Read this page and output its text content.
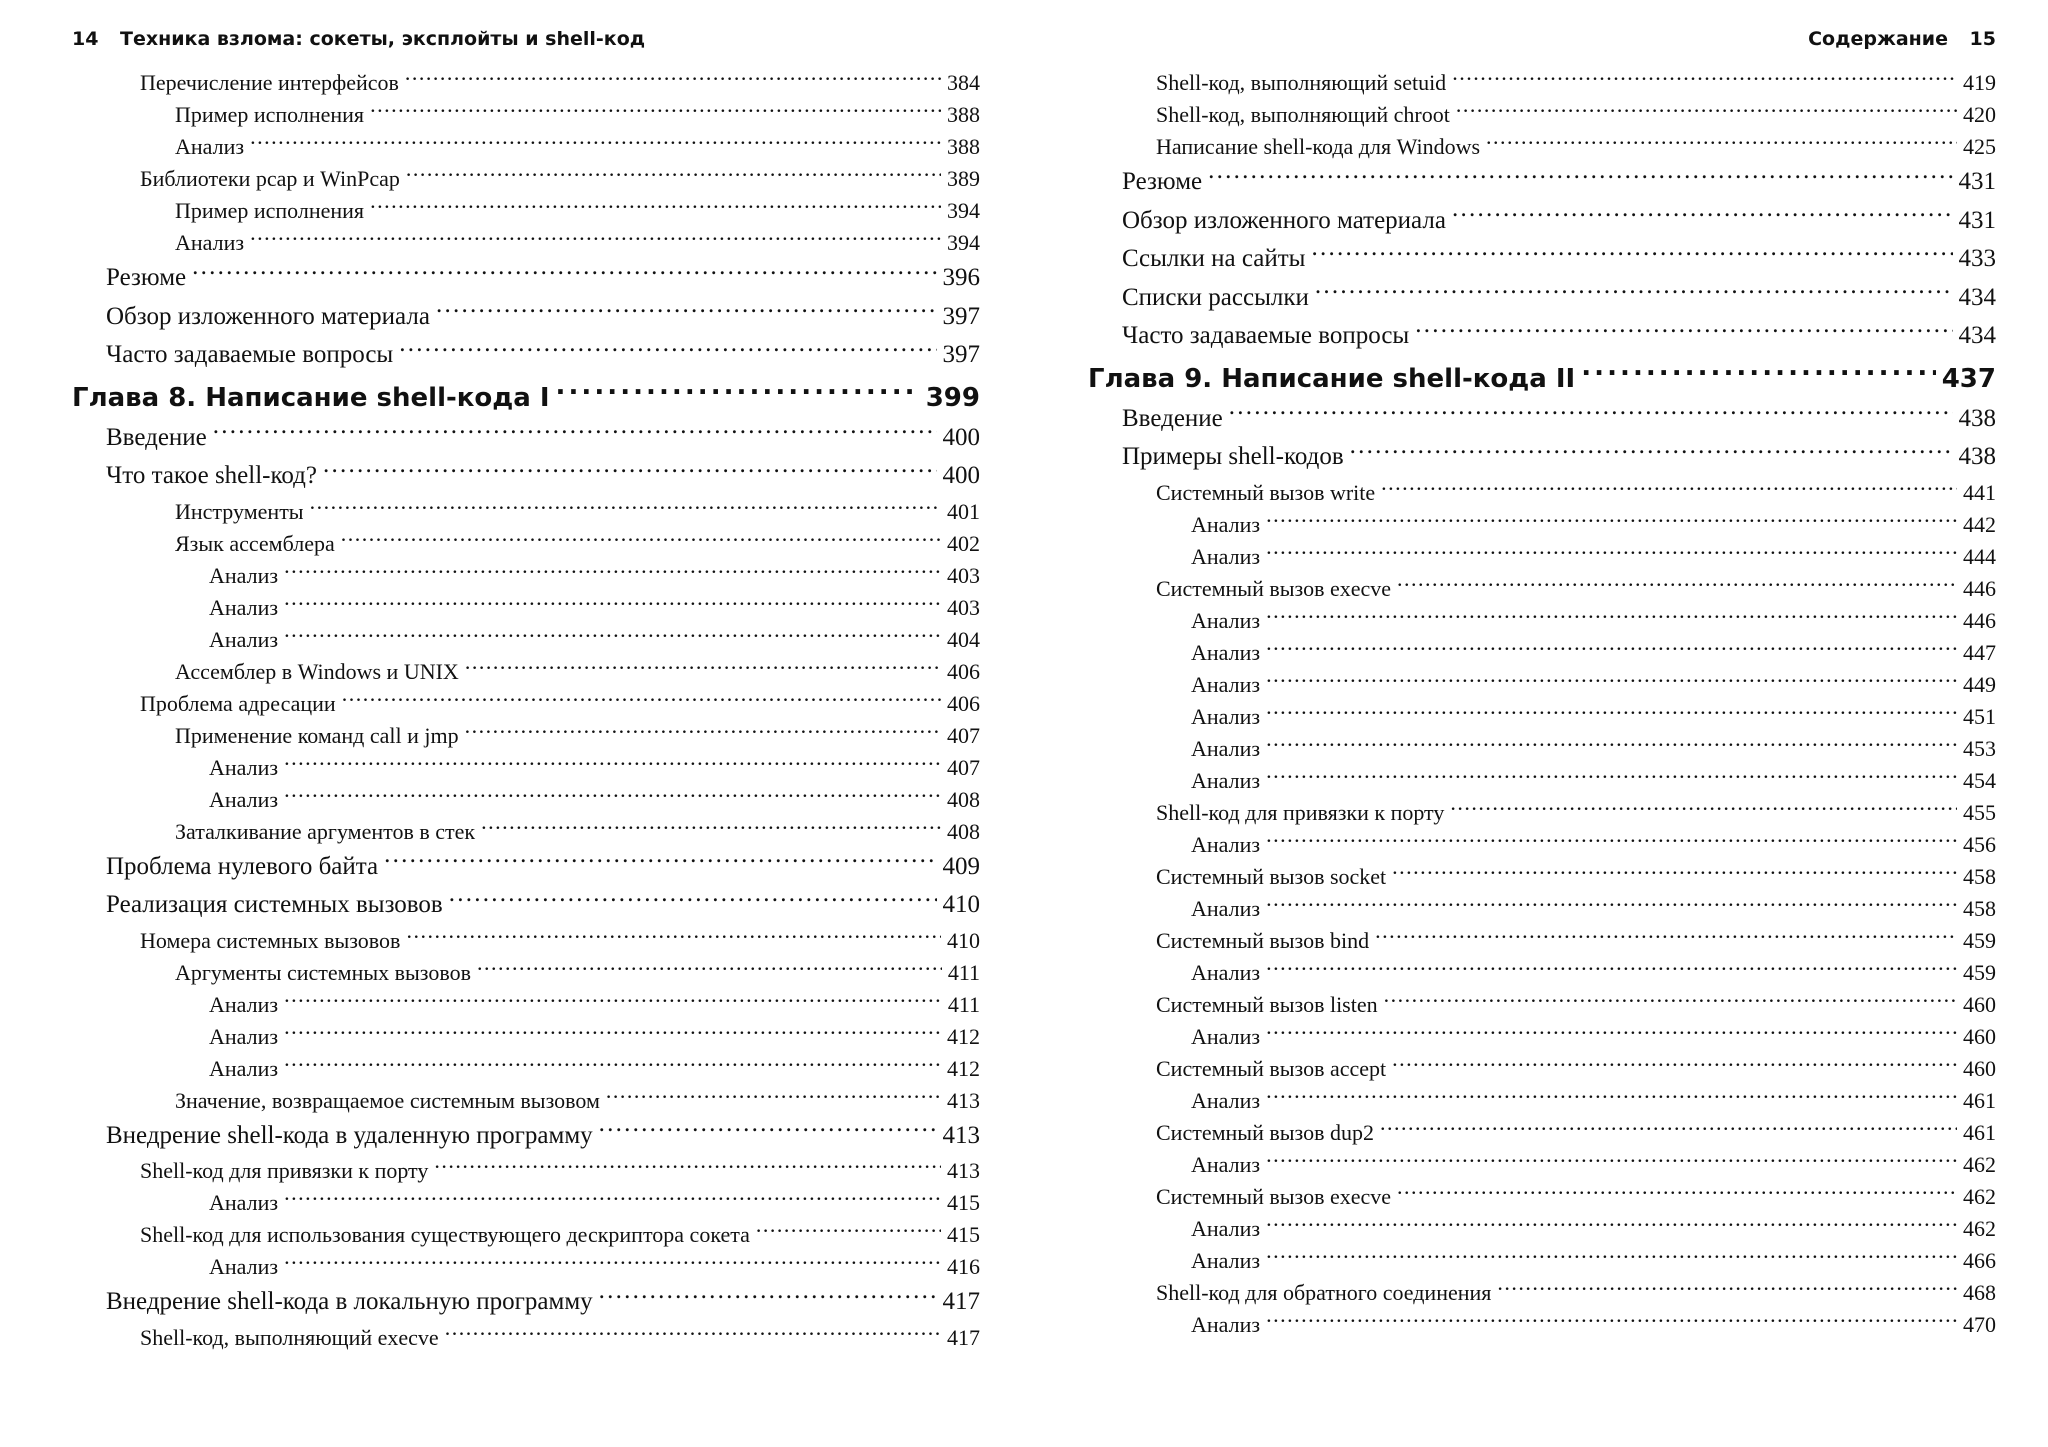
14 Техника взлома: сокеты, эксплойты и shell-код
Перечисление интерфейсов . . .	384
Пример исполнения . . .	388
Анализ . . .	388
Библиотеки pcap и WinPcap . . .	389
Пример исполнения . . .	394
Анализ . . .	394
Резюме . . .	396
Обзор изложенного материала . . .	397
Часто задаваемые вопросы . . .	397
Глава 8. Написание shell-кода I . . .	399
Введение . . .	400
Что такое shell-код? . . .	400
Инструменты . . .	401
Язык ассемблера . . .	402
Анализ . . .	403
Анализ . . .	403
Анализ . . .	404
Ассемблер в Windows и UNIX . . .	406
Проблема адресации . . .	406
Применение команд call и jmp . . .	407
Анализ . . .	407
Анализ . . .	408
Заталкивание аргументов в стек . . .	408
Проблема нулевого байта . . .	409
Реализация системных вызовов . . .	410
Номера системных вызовов . . .	410
Аргументы системных вызовов . . .	411
Анализ . . .	411
Анализ . . .	412
Анализ . . .	412
Значение, возвращаемое системным вызовом . . .	413
Внедрение shell-кода в удаленную программу . . .	413
Shell-код для привязки к порту . . .	413
Анализ . . .	415
Shell-код для использования существующего дескриптора сокета . . .	415
Анализ . . .	416
Внедрение shell-кода в локальную программу . . .	417
Shell-код, выполняющий execve . . .	417
Содержание 15
Shell-код, выполняющий setuid . . .	419
Shell-код, выполняющий chroot . . .	420
Написание shell-кода для Windows . . .	425
Резюме . . .	431
Обзор изложенного материала . . .	431
Ссылки на сайты . . .	433
Списки рассылки . . .	434
Часто задаваемые вопросы . . .	434
Глава 9. Написание shell-кода II . . .	437
Введение . . .	438
Примеры shell-кодов . . .	438
Системный вызов write . . .	441
Анализ . . .	442
Анализ . . .	444
Системный вызов execve . . .	446
Анализ . . .	446
Анализ . . .	447
Анализ . . .	449
Анализ . . .	451
Анализ . . .	453
Анализ . . .	454
Shell-код для привязки к порту . . .	455
Анализ . . .	456
Системный вызов socket . . .	458
Анализ . . .	458
Системный вызов bind . . .	459
Анализ . . .	459
Системный вызов listen . . .	460
Анализ . . .	460
Системный вызов accept . . .	460
Анализ . . .	461
Системный вызов dup2 . . .	461
Анализ . . .	462
Системный вызов execve . . .	462
Анализ . . .	462
Анализ . . .	466
Shell-код для обратного соединения . . .	468
Анализ . . .	470
